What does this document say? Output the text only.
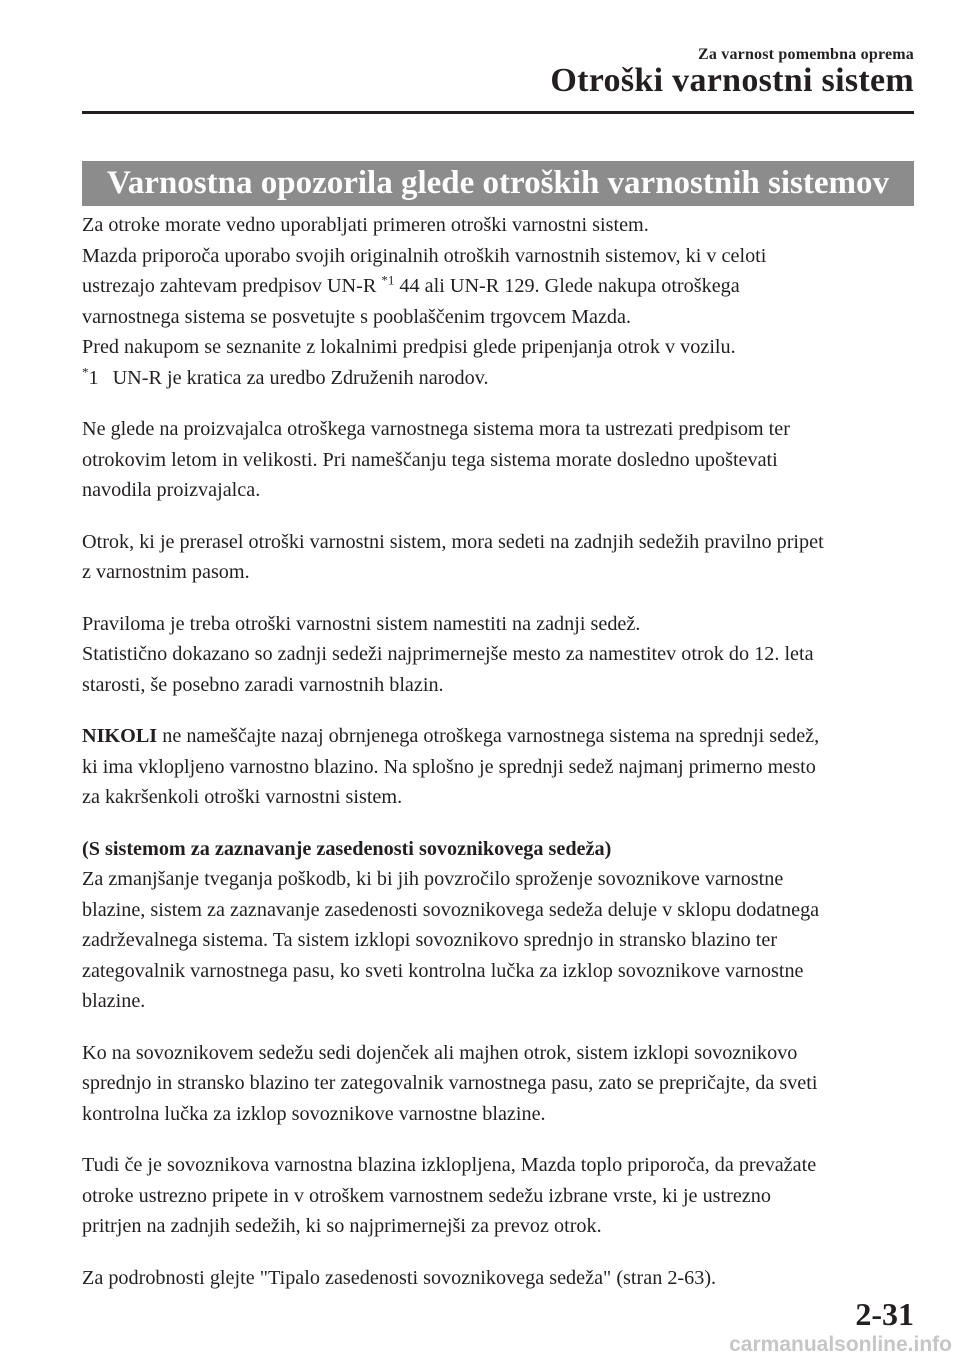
Za varnost pomembna oprema
Otroški varnostni sistem
Varnostna opozorila glede otroških varnostnih sistemov

Za otroke morate vedno uporabljati primeren otroški varnostni sistem.
Mazda priporoča uporabo svojih originalnih otroških varnostnih sistemov, ki v celoti
ustrezajo zahtevam predpisov UN-R $^{*1}$ 44 ali UN-R 129. Glede nakupa otroškega
varnostnega sistema se posvetujte s pooblaščenim trgovcem Mazda.
Pred nakupom se seznanite z lokalnimi predpisi glede pripenjanja otrok v vozilu.
*1 UN-R je kratica za uredbo Združenih narodov.

Ne glede na proizvajalca otroškega varnostnega sistema mora ta ustrezati predpisom ter
otrokovim letom in velikosti. Pri nameščanju tega sistema morate dosledno upoštevati
navodila proizvajalca.

Otrok, ki je prerasel otroški varnostni sistem, mora sedeti na zadnjih sedežih pravilno pripet
z varnostnim pasom.

Praviloma je treba otroški varnostni sistem namestiti na zadnji sedež.
Statistično dokazano so zadnji sedeži najprimernejše mesto za namestitev otrok do 12. leta
starosti, še posebno zaradi varnostnih blazin.

NIKOLI ne nameščajte nazaj obrnjenega otroškega varnostnega sistema na sprednji sedež,
ki ima vklopljeno varnostno blazino. Na splošno je sprednji sedež najmanj primerno mesto
za kakršenkoli otroški varnostni sistem.

(S sistemom za zaznavanje zasedenosti sovoznikovega sedeža)
Za zmanjšanje tveganja poškodb, ki bi jih povzročilo sproženje sovoznikove varnostne
blazine, sistem za zaznavanje zasedenosti sovoznikovega sedeža deluje v sklopu dodatnega
zadrževalnega sistema. Ta sistem izklopi sovoznikovo sprednjo in stransko blazino ter
zategovalnik varnostnega pasu, ko sveti kontrolna lučka za izklop sovoznikove varnostne
blazine.

Ko na sovoznikovem sedežu sedi dojenček ali majhen otrok, sistem izklopi sovoznikovo
sprednjo in stransko blazino ter zategovalnik varnostnega pasu, zato se prepričajte, da sveti
kontrolna lučka za izklop sovoznikove varnostne blazine.

Tudi če je sovoznikova varnostna blazina izklopljena, Mazda toplo priporoča, da prevažate
otroke ustrezno pripete in v otroškem varnostnem sedežu izbrane vrste, ki je ustrezno
pritrjen na zadnjih sedežih, ki so najprimernejši za prevoz otrok.

Za podrobnosti glejte "Tipalo zasedenosti sovoznikovega sedeža" (stran 2-63).

2-31
carmanualsonline.info
